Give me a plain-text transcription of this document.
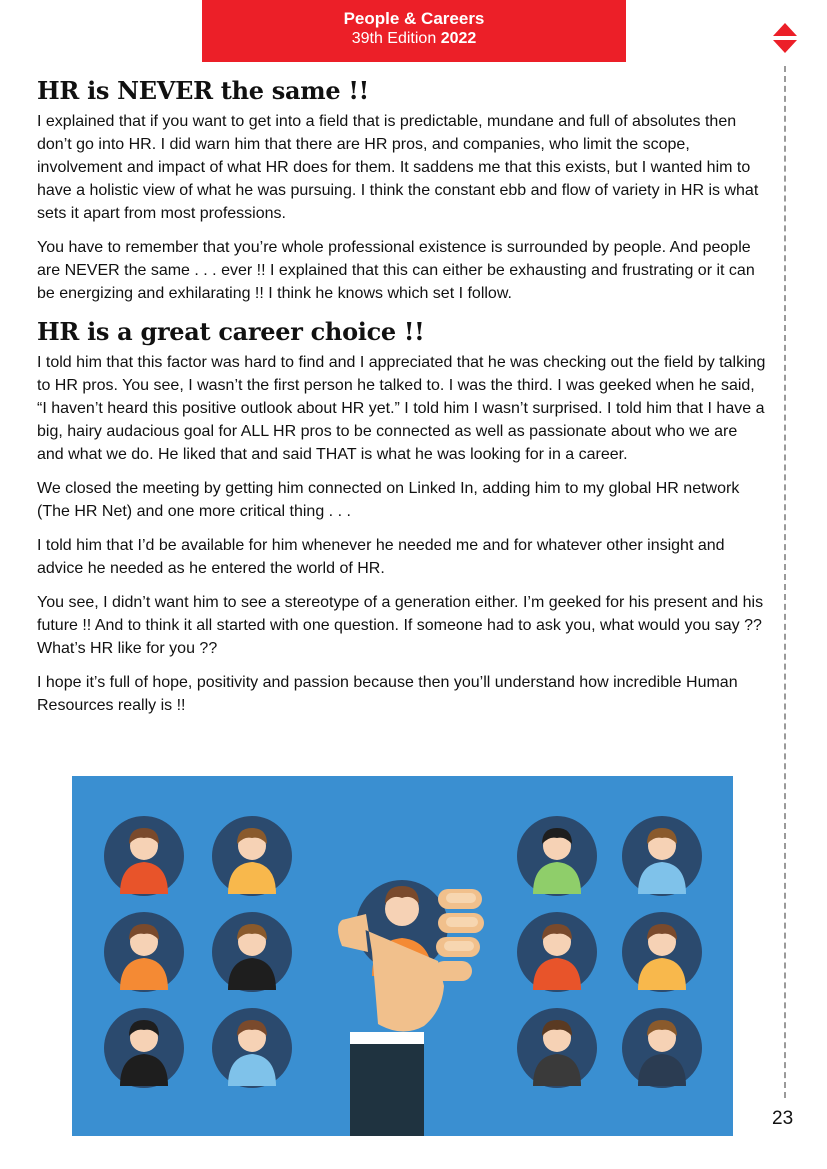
People & Careers
39th Edition 2022
23
HR is NEVER the same !!

I explained that if you want to get into a field that is predictable, mundane and full of absolutes then don’t go into HR. I did warn him that there are HR pros, and companies, who limit the scope, involvement and impact of what HR does for them. It saddens me that this exists, but I wanted him to have a holistic view of what he was pursuing. I think the constant ebb and flow of variety in HR is what sets it apart from most professions.

You have to remember that you’re whole professional existence is surrounded by people. And people are NEVER the same . . . ever !! I explained that this can either be exhausting and frustrating or it can be energizing and exhilarating !! I think he knows which set I follow.

HR is a great career choice !!

I told him that this factor was hard to find and I appreciated that he was checking out the field by talking to HR pros. You see, I wasn’t the first person he talked to. I was the third. I was geeked when he said, “I haven’t heard this positive outlook about HR yet.” I told him I wasn’t surprised. I told him that I have a big, hairy audacious goal for ALL HR pros to be connected as well as passionate about who we are and what we do. He liked that and said THAT is what he was looking for in a career.

We closed the meeting by getting him connected on Linked In, adding him to my global HR network (The HR Net) and one more critical thing . . .

I told him that I’d be available for him whenever he needed me and for whatever other insight and advice he needed as he entered the world of HR.

You see, I didn’t want him to see a stereotype of a generation either. I’m geeked for his present and his future !! And to think it all started with one question. If someone had to ask you, what would you say ?? What’s HR like for you ??

I hope it’s full of hope, positivity and passion because then you’ll understand how incredible Human Resources really is !!
